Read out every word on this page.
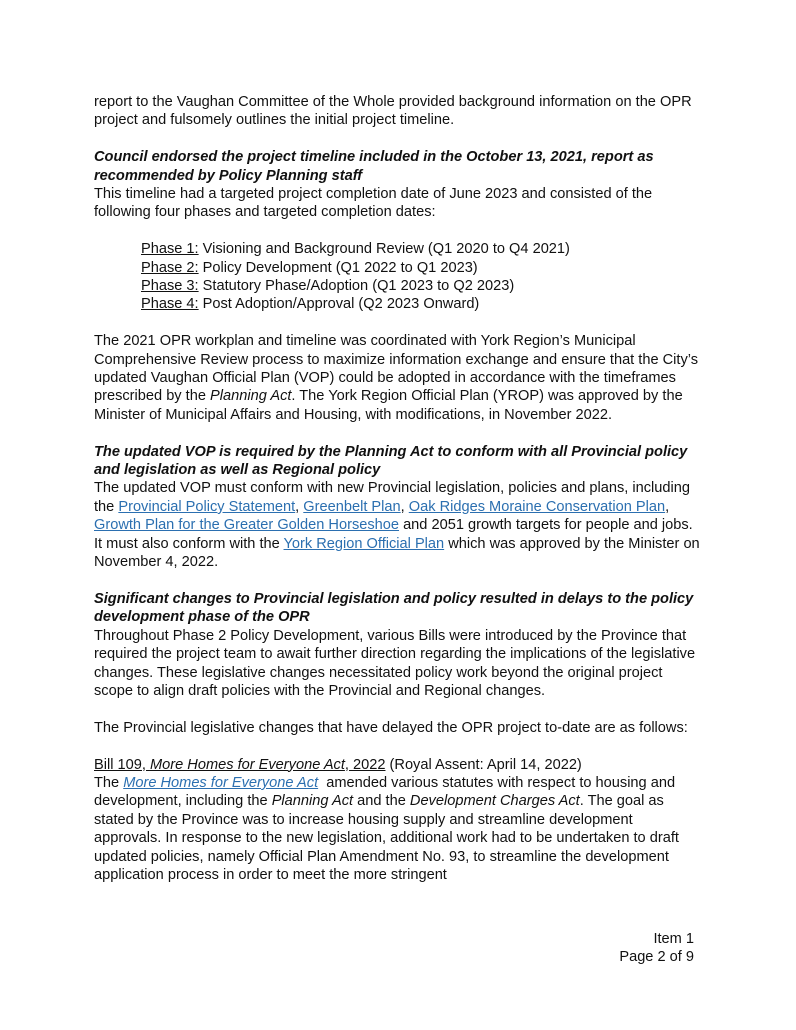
report to the Vaughan Committee of the Whole provided background information on the OPR project and fulsomely outlines the initial project timeline.

Council endorsed the project timeline included in the October 13, 2021, report as recommended by Policy Planning staff

This timeline had a targeted project completion date of June 2023 and consisted of the following four phases and targeted completion dates:

Phase 1: Visioning and Background Review (Q1 2020 to Q4 2021)

Phase 2: Policy Development (Q1 2022 to Q1 2023)

Phase 3: Statutory Phase/Adoption (Q1 2023 to Q2 2023)

Phase 4: Post Adoption/Approval (Q2 2023 Onward)

The 2021 OPR workplan and timeline was coordinated with York Region’s Municipal Comprehensive Review process to maximize information exchange and ensure that the City’s updated Vaughan Official Plan (VOP) could be adopted in accordance with the timeframes prescribed by the Planning Act. The York Region Official Plan (YROP) was approved by the Minister of Municipal Affairs and Housing, with modifications, in November 2022.

The updated VOP is required by the Planning Act to conform with all Provincial policy and legislation as well as Regional policy

The updated VOP must conform with new Provincial legislation, policies and plans, including the Provincial Policy Statement, Greenbelt Plan, Oak Ridges Moraine Conservation Plan, Growth Plan for the Greater Golden Horseshoe and 2051 growth targets for people and jobs. It must also conform with the York Region Official Plan which was approved by the Minister on November 4, 2022.

Significant changes to Provincial legislation and policy resulted in delays to the policy development phase of the OPR

Throughout Phase 2 Policy Development, various Bills were introduced by the Province that required the project team to await further direction regarding the implications of the legislative changes. These legislative changes necessitated policy work beyond the original project scope to align draft policies with the Provincial and Regional changes.

The Provincial legislative changes that have delayed the OPR project to-date are as follows:

Bill 109, More Homes for Everyone Act, 2022 (Royal Assent: April 14, 2022)

The More Homes for Everyone Act  amended various statutes with respect to housing and development, including the Planning Act and the Development Charges Act. The goal as stated by the Province was to increase housing supply and streamline development approvals. In response to the new legislation, additional work had to be undertaken to draft updated policies, namely Official Plan Amendment No. 93, to streamline the development application process in order to meet the more stringent

Item 1
Page 2 of 9
